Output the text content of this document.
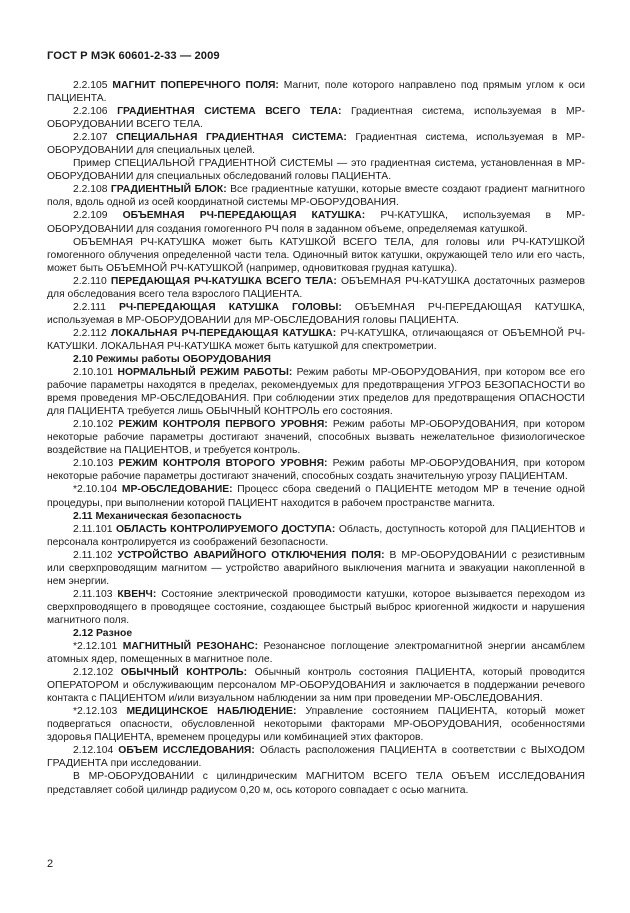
ГОСТ Р МЭК 60601-2-33 — 2009

2.2.105 МАГНИТ ПОПЕРЕЧНОГО ПОЛЯ: Магнит, поле которого направлено под прямым углом к оси ПАЦИЕНТА.

2.2.106 ГРАДИЕНТНАЯ СИСТЕМА ВСЕГО ТЕЛА: Градиентная система, используемая в МР-ОБОРУДОВАНИИ ВСЕГО ТЕЛА.

2.2.107 СПЕЦИАЛЬНАЯ ГРАДИЕНТНАЯ СИСТЕМА: Градиентная система, используемая в МР-ОБОРУДОВАНИИ для специальных целей.

Пример СПЕЦИАЛЬНОЙ ГРАДИЕНТНОЙ СИСТЕМЫ — это градиентная система, установленная в МР-ОБОРУДОВАНИИ для специальных обследований головы ПАЦИЕНТА.

2.2.108 ГРАДИЕНТНЫЙ БЛОК: Все градиентные катушки, которые вместе создают градиент магнитного поля, вдоль одной из осей координатной системы МР-ОБОРУДОВАНИЯ.

2.2.109 ОБЪЕМНАЯ РЧ-ПЕРЕДАЮЩАЯ КАТУШКА: РЧ-КАТУШКА, используемая в МР-ОБОРУДОВАНИИ для создания гомогенного РЧ поля в заданном объеме, определяемая катушкой.

ОБЪЕМНАЯ РЧ-КАТУШКА может быть КАТУШКОЙ ВСЕГО ТЕЛА, для головы или РЧ-КАТУШКОЙ гомогенного облучения определенной части тела. Одиночный виток катушки, окружающей тело или его часть, может быть ОБЪЕМНОЙ РЧ-КАТУШКОЙ (например, одновитковая грудная катушка).

2.2.110 ПЕРЕДАЮЩАЯ РЧ-КАТУШКА ВСЕГО ТЕЛА: ОБЪЕМНАЯ РЧ-КАТУШКА достаточных размеров для обследования всего тела взрослого ПАЦИЕНТА.

2.2.111 РЧ-ПЕРЕДАЮЩАЯ КАТУШКА ГОЛОВЫ: ОБЪЕМНАЯ РЧ-ПЕРЕДАЮЩАЯ КАТУШКА, используемая в МР-ОБОРУДОВАНИИ для МР-ОБСЛЕДОВАНИЯ головы ПАЦИЕНТА.

2.2.112 ЛОКАЛЬНАЯ РЧ-ПЕРЕДАЮЩАЯ КАТУШКА: РЧ-КАТУШКА, отличающаяся от ОБЪЕМНОЙ РЧ-КАТУШКИ. ЛОКАЛЬНАЯ РЧ-КАТУШКА может быть катушкой для спектрометрии.

2.10 Режимы работы ОБОРУДОВАНИЯ

2.10.101 НОРМАЛЬНЫЙ РЕЖИМ РАБОТЫ: Режим работы МР-ОБОРУДОВАНИЯ, при котором все его рабочие параметры находятся в пределах, рекомендуемых для предотвращения УГРОЗ БЕЗОПАСНОСТИ во время проведения МР-ОБСЛЕДОВАНИЯ. При соблюдении этих пределов для предотвращения ОПАСНОСТИ для ПАЦИЕНТА требуется лишь ОБЫЧНЫЙ КОНТРОЛЬ его состояния.

2.10.102 РЕЖИМ КОНТРОЛЯ ПЕРВОГО УРОВНЯ: Режим работы МР-ОБОРУДОВАНИЯ, при котором некоторые рабочие параметры достигают значений, способных вызвать нежелательное физиологическое воздействие на ПАЦИЕНТОВ, и требуется контроль.

2.10.103 РЕЖИМ КОНТРОЛЯ ВТОРОГО УРОВНЯ: Режим работы МР-ОБОРУДОВАНИЯ, при котором некоторые рабочие параметры достигают значений, способных создать значительную угрозу ПАЦИЕНТАМ.

*2.10.104 МР-ОБСЛЕДОВАНИЕ: Процесс сбора сведений о ПАЦИЕНТЕ методом МР в течение одной процедуры, при выполнении которой ПАЦИЕНТ находится в рабочем пространстве магнита.

2.11 Механическая безопасность

2.11.101 ОБЛАСТЬ КОНТРОЛИРУЕМОГО ДОСТУПА: Область, доступность которой для ПАЦИЕНТОВ и персонала контролируется из соображений безопасности.

2.11.102 УСТРОЙСТВО АВАРИЙНОГО ОТКЛЮЧЕНИЯ ПОЛЯ: В МР-ОБОРУДОВАНИИ с резистивным или сверхпроводящим магнитом — устройство аварийного выключения магнита и эвакуации накопленной в нем энергии.

2.11.103 КВЕНЧ: Состояние электрической проводимости катушки, которое вызывается переходом из сверхпроводящего в проводящее состояние, создающее быстрый выброс криогенной жидкости и нарушения магнитного поля.

2.12 Разное

*2.12.101 МАГНИТНЫЙ РЕЗОНАНС: Резонансное поглощение электромагнитной энергии ансамблем атомных ядер, помещенных в магнитное поле.

2.12.102 ОБЫЧНЫЙ КОНТРОЛЬ: Обычный контроль состояния ПАЦИЕНТА, который проводится ОПЕРАТОРОМ и обслуживающим персоналом МР-ОБОРУДОВАНИЯ и заключается в поддержании речевого контакта с ПАЦИЕНТОМ и/или визуальном наблюдении за ним при проведении МР-ОБСЛЕДОВАНИЯ.

*2.12.103 МЕДИЦИНСКОЕ НАБЛЮДЕНИЕ: Управление состоянием ПАЦИЕНТА, который может подвергаться опасности, обусловленной некоторыми факторами МР-ОБОРУДОВАНИЯ, особенностями здоровья ПАЦИЕНТА, временем процедуры или комбинацией этих факторов.

2.12.104 ОБЪЕМ ИССЛЕДОВАНИЯ: Область расположения ПАЦИЕНТА в соответствии с ВЫХОДОМ ГРАДИЕНТА при исследовании.

В МР-ОБОРУДОВАНИИ с цилиндрическим МАГНИТОМ ВСЕГО ТЕЛА ОБЪЕМ ИССЛЕДОВАНИЯ представляет собой цилиндр радиусом 0,20 м, ось которого совпадает с осью магнита.

2
